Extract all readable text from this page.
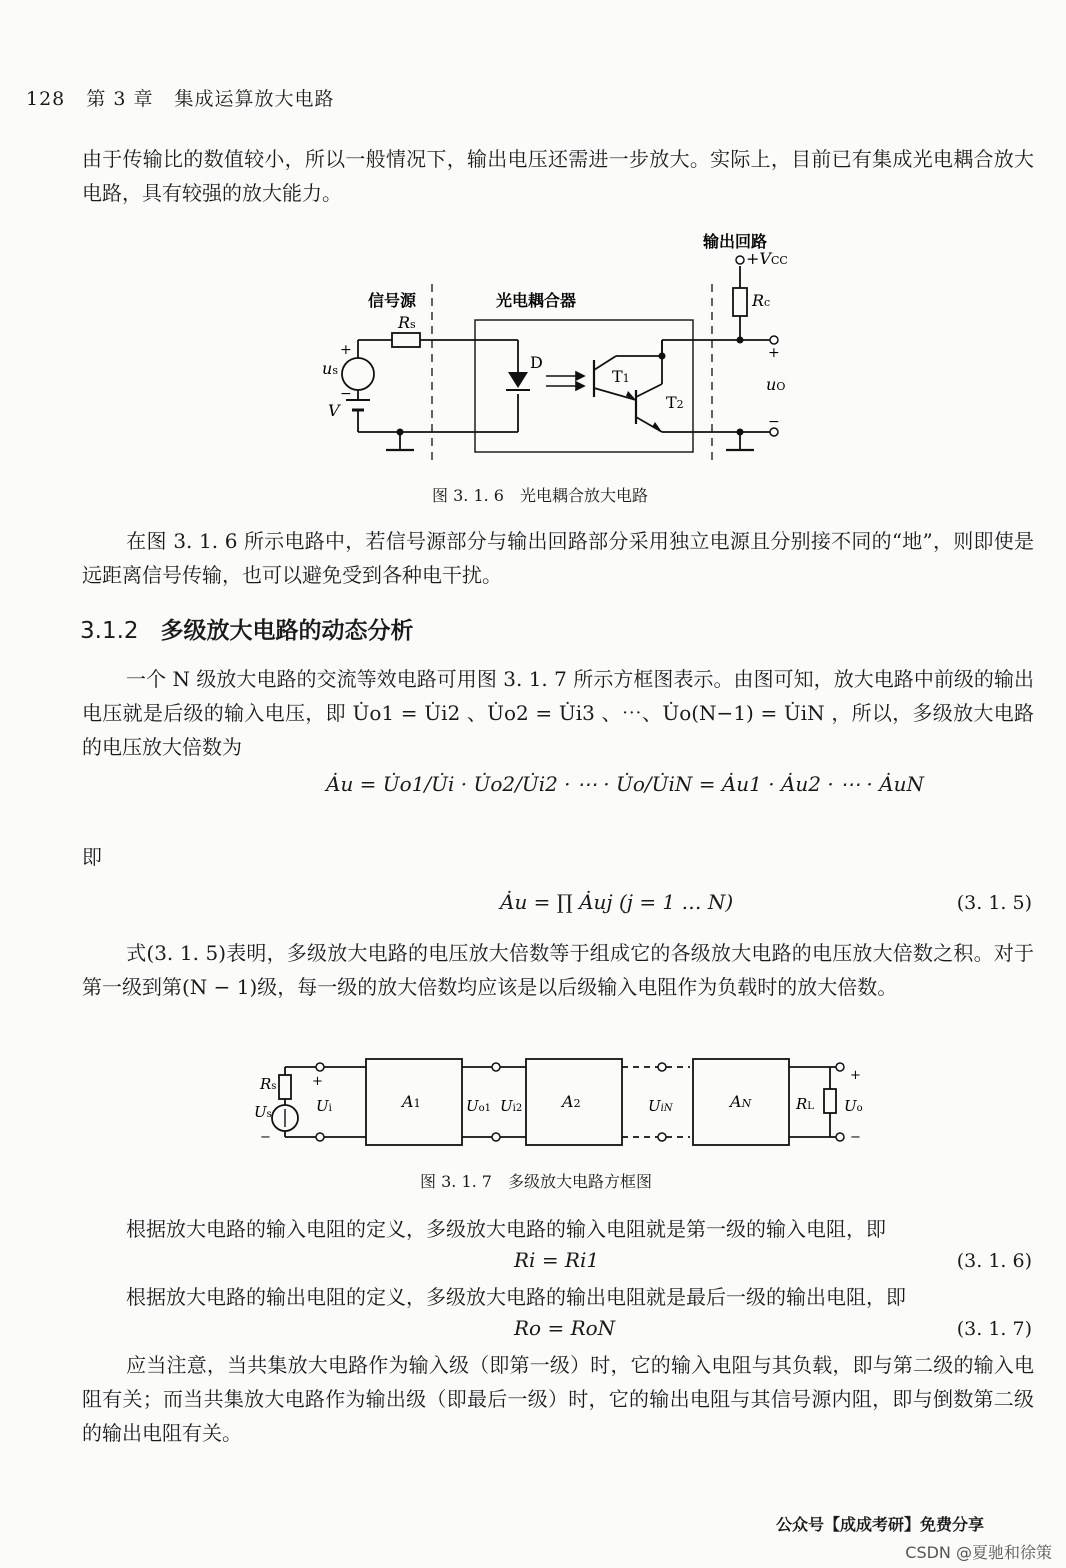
128 第 3 章 集成运算放大电路
由于传输比的数值较小，所以一般情况下，输出电压还需进一步放大。实际上，目前已有集成光电耦合放大电路，具有较强的放大能力。
输出回路
信号源	光电耦合器
+VCC
Rs
Rc
us
+
−
V
D
T1
T2
+
uO
−
图 3. 1. 6　光电耦合放大电路
在图 3. 1. 6 所示电路中，若信号源部分与输出回路部分采用独立电源且分别接不同的“地”，则即使是远距离信号传输，也可以避免受到各种电干扰。
3.1.2 多级放大电路的动态分析
一个 N 级放大电路的交流等效电路可用图 3. 1. 7 所示方框图表示。由图可知，放大电路中前级的输出电压就是后级的输入电压，即 U̇o1 = U̇i2 、U̇o2 = U̇i3 、⋯、U̇o(N−1) = U̇iN ，所以，多级放大电路的电压放大倍数为
Ȧu = U̇o1/U̇i · U̇o2/U̇i2 · ⋯ · U̇o/U̇iN = Ȧu1 · Ȧu2 · ⋯ · ȦuN
即
Ȧu = ∏ Ȧuj (j = 1 … N)	(3. 1. 5)
式(3. 1. 5)表明，多级放大电路的电压放大倍数等于组成它的各级放大电路的电压放大倍数之积。对于第一级到第(N − 1)级，每一级的放大倍数均应该是以后级输入电阻作为负载时的放大倍数。
A1	A2	AN
Rs
Us	Ui	Uo1 Ui2	UiN	RL Uo
+	+
−
−
图 3. 1. 7　多级放大电路方框图
根据放大电路的输入电阻的定义，多级放大电路的输入电阻就是第一级的输入电阻，即
Ri = Ri1	(3. 1. 6)
根据放大电路的输出电阻的定义，多级放大电路的输出电阻就是最后一级的输出电阻，即
Ro = RoN	(3. 1. 7)
应当注意，当共集放大电路作为输入级（即第一级）时，它的输入电阻与其负载，即与第二级的输入电阻有关；而当共集放大电路作为输出级（即最后一级）时，它的输出电阻与其信号源内阻，即与倒数第二级的输出电阻有关。
公众号【成成考研】免费分享
CSDN @夏驰和徐策
